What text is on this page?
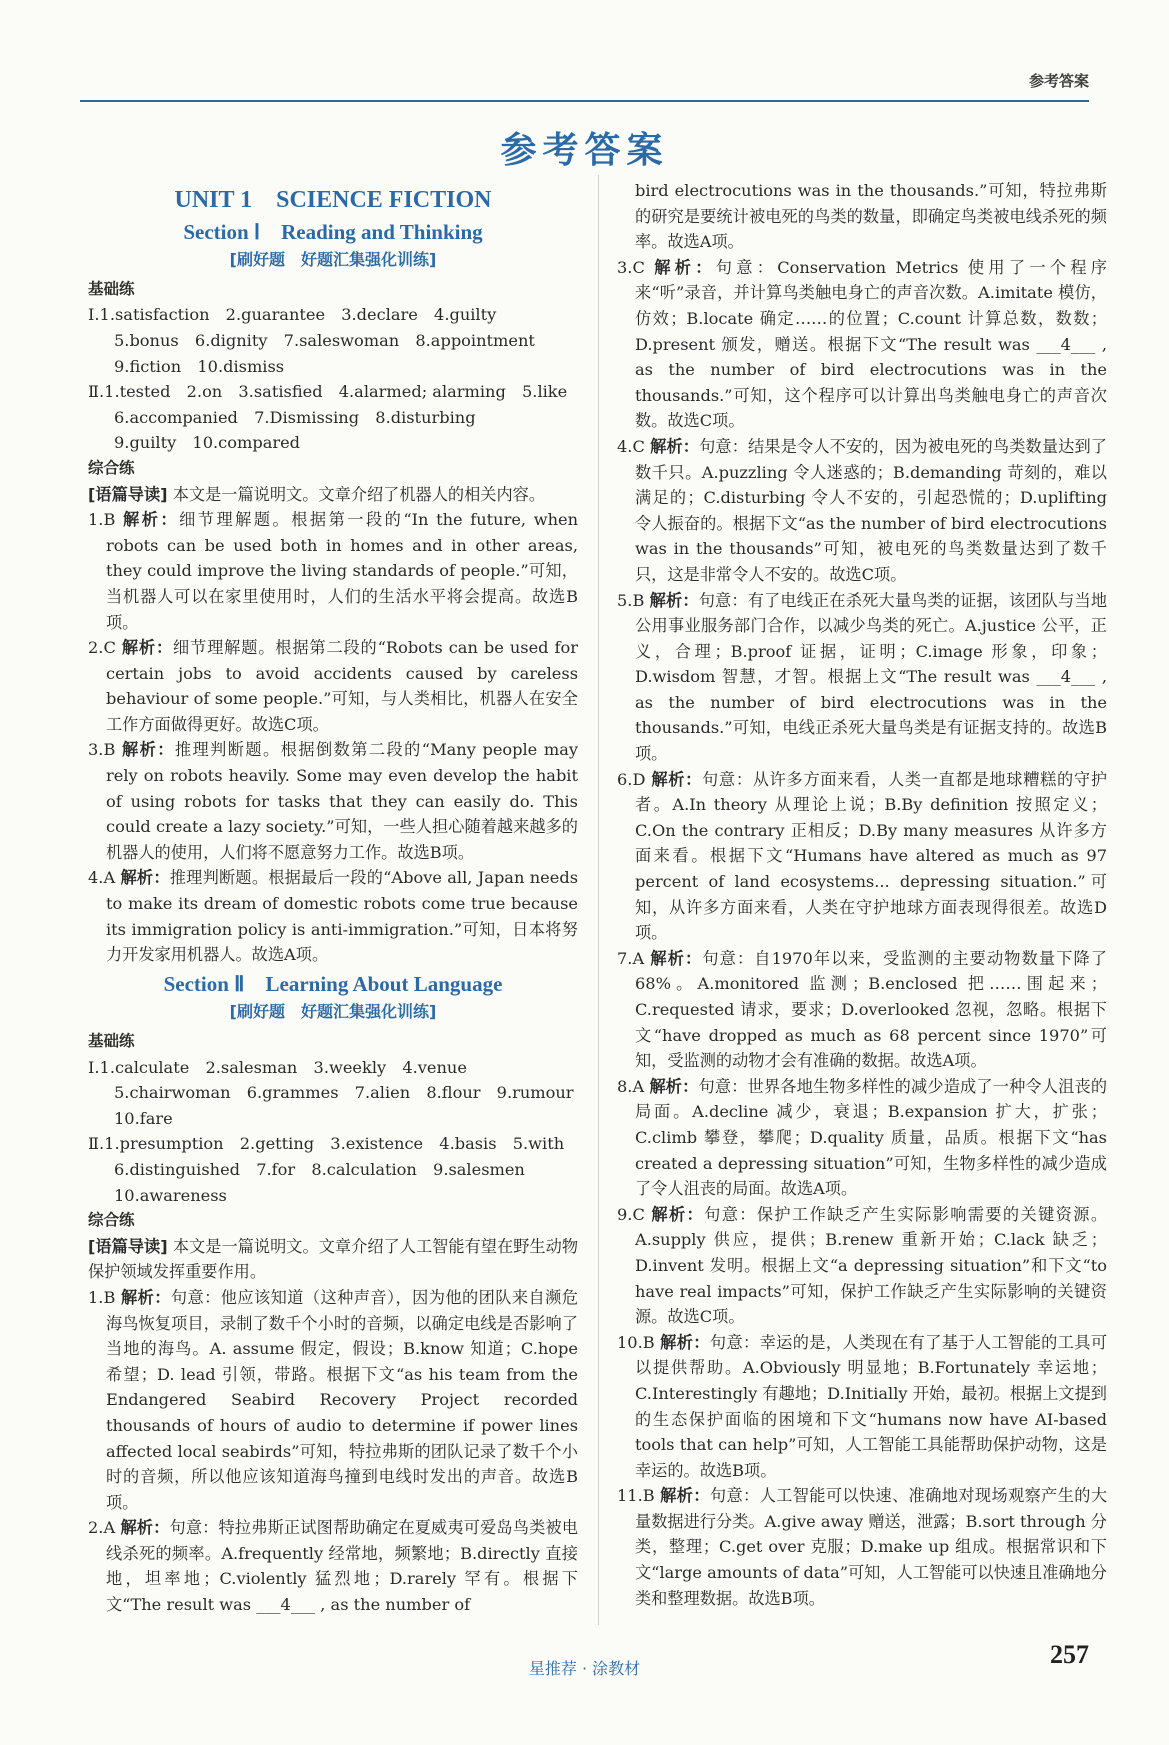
参考答案
参考答案
UNIT 1　SCIENCE FICTION
Section Ⅰ　Reading and Thinking
[刷好题　好题汇集强化训练]
基础练
Ⅰ.1.satisfaction　2.guarantee　3.declare　4.guilty
5.bonus　6.dignity　7.saleswoman　8.appointment
9.fiction　10.dismiss
Ⅱ.1.tested　2.on　3.satisfied　4.alarmed; alarming　5.like
6.accompanied　7.Dismissing　8.disturbing
9.guilty　10.compared
综合练
[语篇导读] 本文是一篇说明文。文章介绍了机器人的相关内容。
1.B 解析：细节理解题。根据第一段的“In the future, when robots can be used both in homes and in other areas, they could improve the living standards of people.”可知，当机器人可以在家里使用时，人们的生活水平将会提高。故选B项。
2.C 解析：细节理解题。根据第二段的“Robots can be used for certain jobs to avoid accidents caused by careless behaviour of some people.”可知，与人类相比，机器人在安全工作方面做得更好。故选C项。
3.B 解析：推理判断题。根据倒数第二段的“Many people may rely on robots heavily. Some may even develop the habit of using robots for tasks that they can easily do. This could create a lazy society.”可知，一些人担心随着越来越多的机器人的使用，人们将不愿意努力工作。故选B项。
4.A 解析：推理判断题。根据最后一段的“Above all, Japan needs to make its dream of domestic robots come true because its immigration policy is anti-immigration.”可知，日本将努力开发家用机器人。故选A项。
Section Ⅱ　Learning About Language
[刷好题　好题汇集强化训练]
基础练
Ⅰ.1.calculate　2.salesman　3.weekly　4.venue
5.chairwoman　6.grammes　7.alien　8.flour　9.rumour
10.fare
Ⅱ.1.presumption　2.getting　3.existence　4.basis　5.with
6.distinguished　7.for　8.calculation　9.salesmen
10.awareness
综合练
[语篇导读] 本文是一篇说明文。文章介绍了人工智能有望在野生动物保护领域发挥重要作用。
1.B 解析：句意：他应该知道（这种声音），因为他的团队来自濒危海鸟恢复项目，录制了数千个小时的音频，以确定电线是否影响了当地的海鸟。A. assume 假定，假设；B.know 知道；C.hope 希望；D. lead 引领，带路。根据下文“as his team from the Endangered Seabird Recovery Project recorded thousands of hours of audio to determine if power lines affected local seabirds”可知，特拉弗斯的团队记录了数千个小时的音频，所以他应该知道海鸟撞到电线时发出的声音。故选B项。
2.A 解析：句意：特拉弗斯正试图帮助确定在夏威夷可爱岛鸟类被电线杀死的频率。A.frequently 经常地，频繁地；B.directly 直接地，坦率地；C.violently 猛烈地；D.rarely 罕有。根据下文“The result was ___4___ , as the number of
bird electrocutions was in the thousands.”可知，特拉弗斯的研究是要统计被电死的鸟类的数量，即确定鸟类被电线杀死的频率。故选A项。
3.C 解析：句意：Conservation Metrics 使用了一个程序来“听”录音，并计算鸟类触电身亡的声音次数。A.imitate 模仿，仿效；B.locate 确定……的位置；C.count 计算总数，数数；D.present 颁发，赠送。根据下文“The result was ___4___ , as the number of bird electrocutions was in the thousands.”可知，这个程序可以计算出鸟类触电身亡的声音次数。故选C项。
4.C 解析：句意：结果是令人不安的，因为被电死的鸟类数量达到了数千只。A.puzzling 令人迷惑的；B.demanding 苛刻的，难以满足的；C.disturbing 令人不安的，引起恐慌的；D.uplifting 令人振奋的。根据下文“as the number of bird electrocutions was in the thousands”可知，被电死的鸟类数量达到了数千只，这是非常令人不安的。故选C项。
5.B 解析：句意：有了电线正在杀死大量鸟类的证据，该团队与当地公用事业服务部门合作，以减少鸟类的死亡。A.justice 公平，正义，合理；B.proof 证据，证明；C.image 形象，印象；D.wisdom 智慧，才智。根据上文“The result was ___4___ , as the number of bird electrocutions was in the thousands.”可知，电线正杀死大量鸟类是有证据支持的。故选B项。
6.D 解析：句意：从许多方面来看，人类一直都是地球糟糕的守护者。A.In theory 从理论上说；B.By definition 按照定义；C.On the contrary 正相反；D.By many measures 从许多方面来看。根据下文“Humans have altered as much as 97 percent of land ecosystems... depressing situation.”可知，从许多方面来看，人类在守护地球方面表现得很差。故选D项。
7.A 解析：句意：自1970年以来，受监测的主要动物数量下降了68%。A.monitored 监测；B.enclosed 把……围起来；C.requested 请求，要求；D.overlooked 忽视，忽略。根据下文“have dropped as much as 68 percent since 1970”可知，受监测的动物才会有准确的数据。故选A项。
8.A 解析：句意：世界各地生物多样性的减少造成了一种令人沮丧的局面。A.decline 减少，衰退；B.expansion 扩大，扩张；C.climb 攀登，攀爬；D.quality 质量，品质。根据下文“has created a depressing situation”可知，生物多样性的减少造成了令人沮丧的局面。故选A项。
9.C 解析：句意：保护工作缺乏产生实际影响需要的关键资源。A.supply 供应，提供；B.renew 重新开始；C.lack 缺乏；D.invent 发明。根据上文“a depressing situation”和下文“to have real impacts”可知，保护工作缺乏产生实际影响的关键资源。故选C项。
10.B 解析：句意：幸运的是，人类现在有了基于人工智能的工具可以提供帮助。A.Obviously 明显地；B.Fortunately 幸运地；C.Interestingly 有趣地；D.Initially 开始，最初。根据上文提到的生态保护面临的困境和下文“humans now have AI-based tools that can help”可知，人工智能工具能帮助保护动物，这是幸运的。故选B项。
11.B 解析：句意：人工智能可以快速、准确地对现场观察产生的大量数据进行分类。A.give away 赠送，泄露；B.sort through 分类，整理；C.get over 克服；D.make up 组成。根据常识和下文“large amounts of data”可知，人工智能可以快速且准确地分类和整理数据。故选B项。
星推荐 · 涂教材	257
